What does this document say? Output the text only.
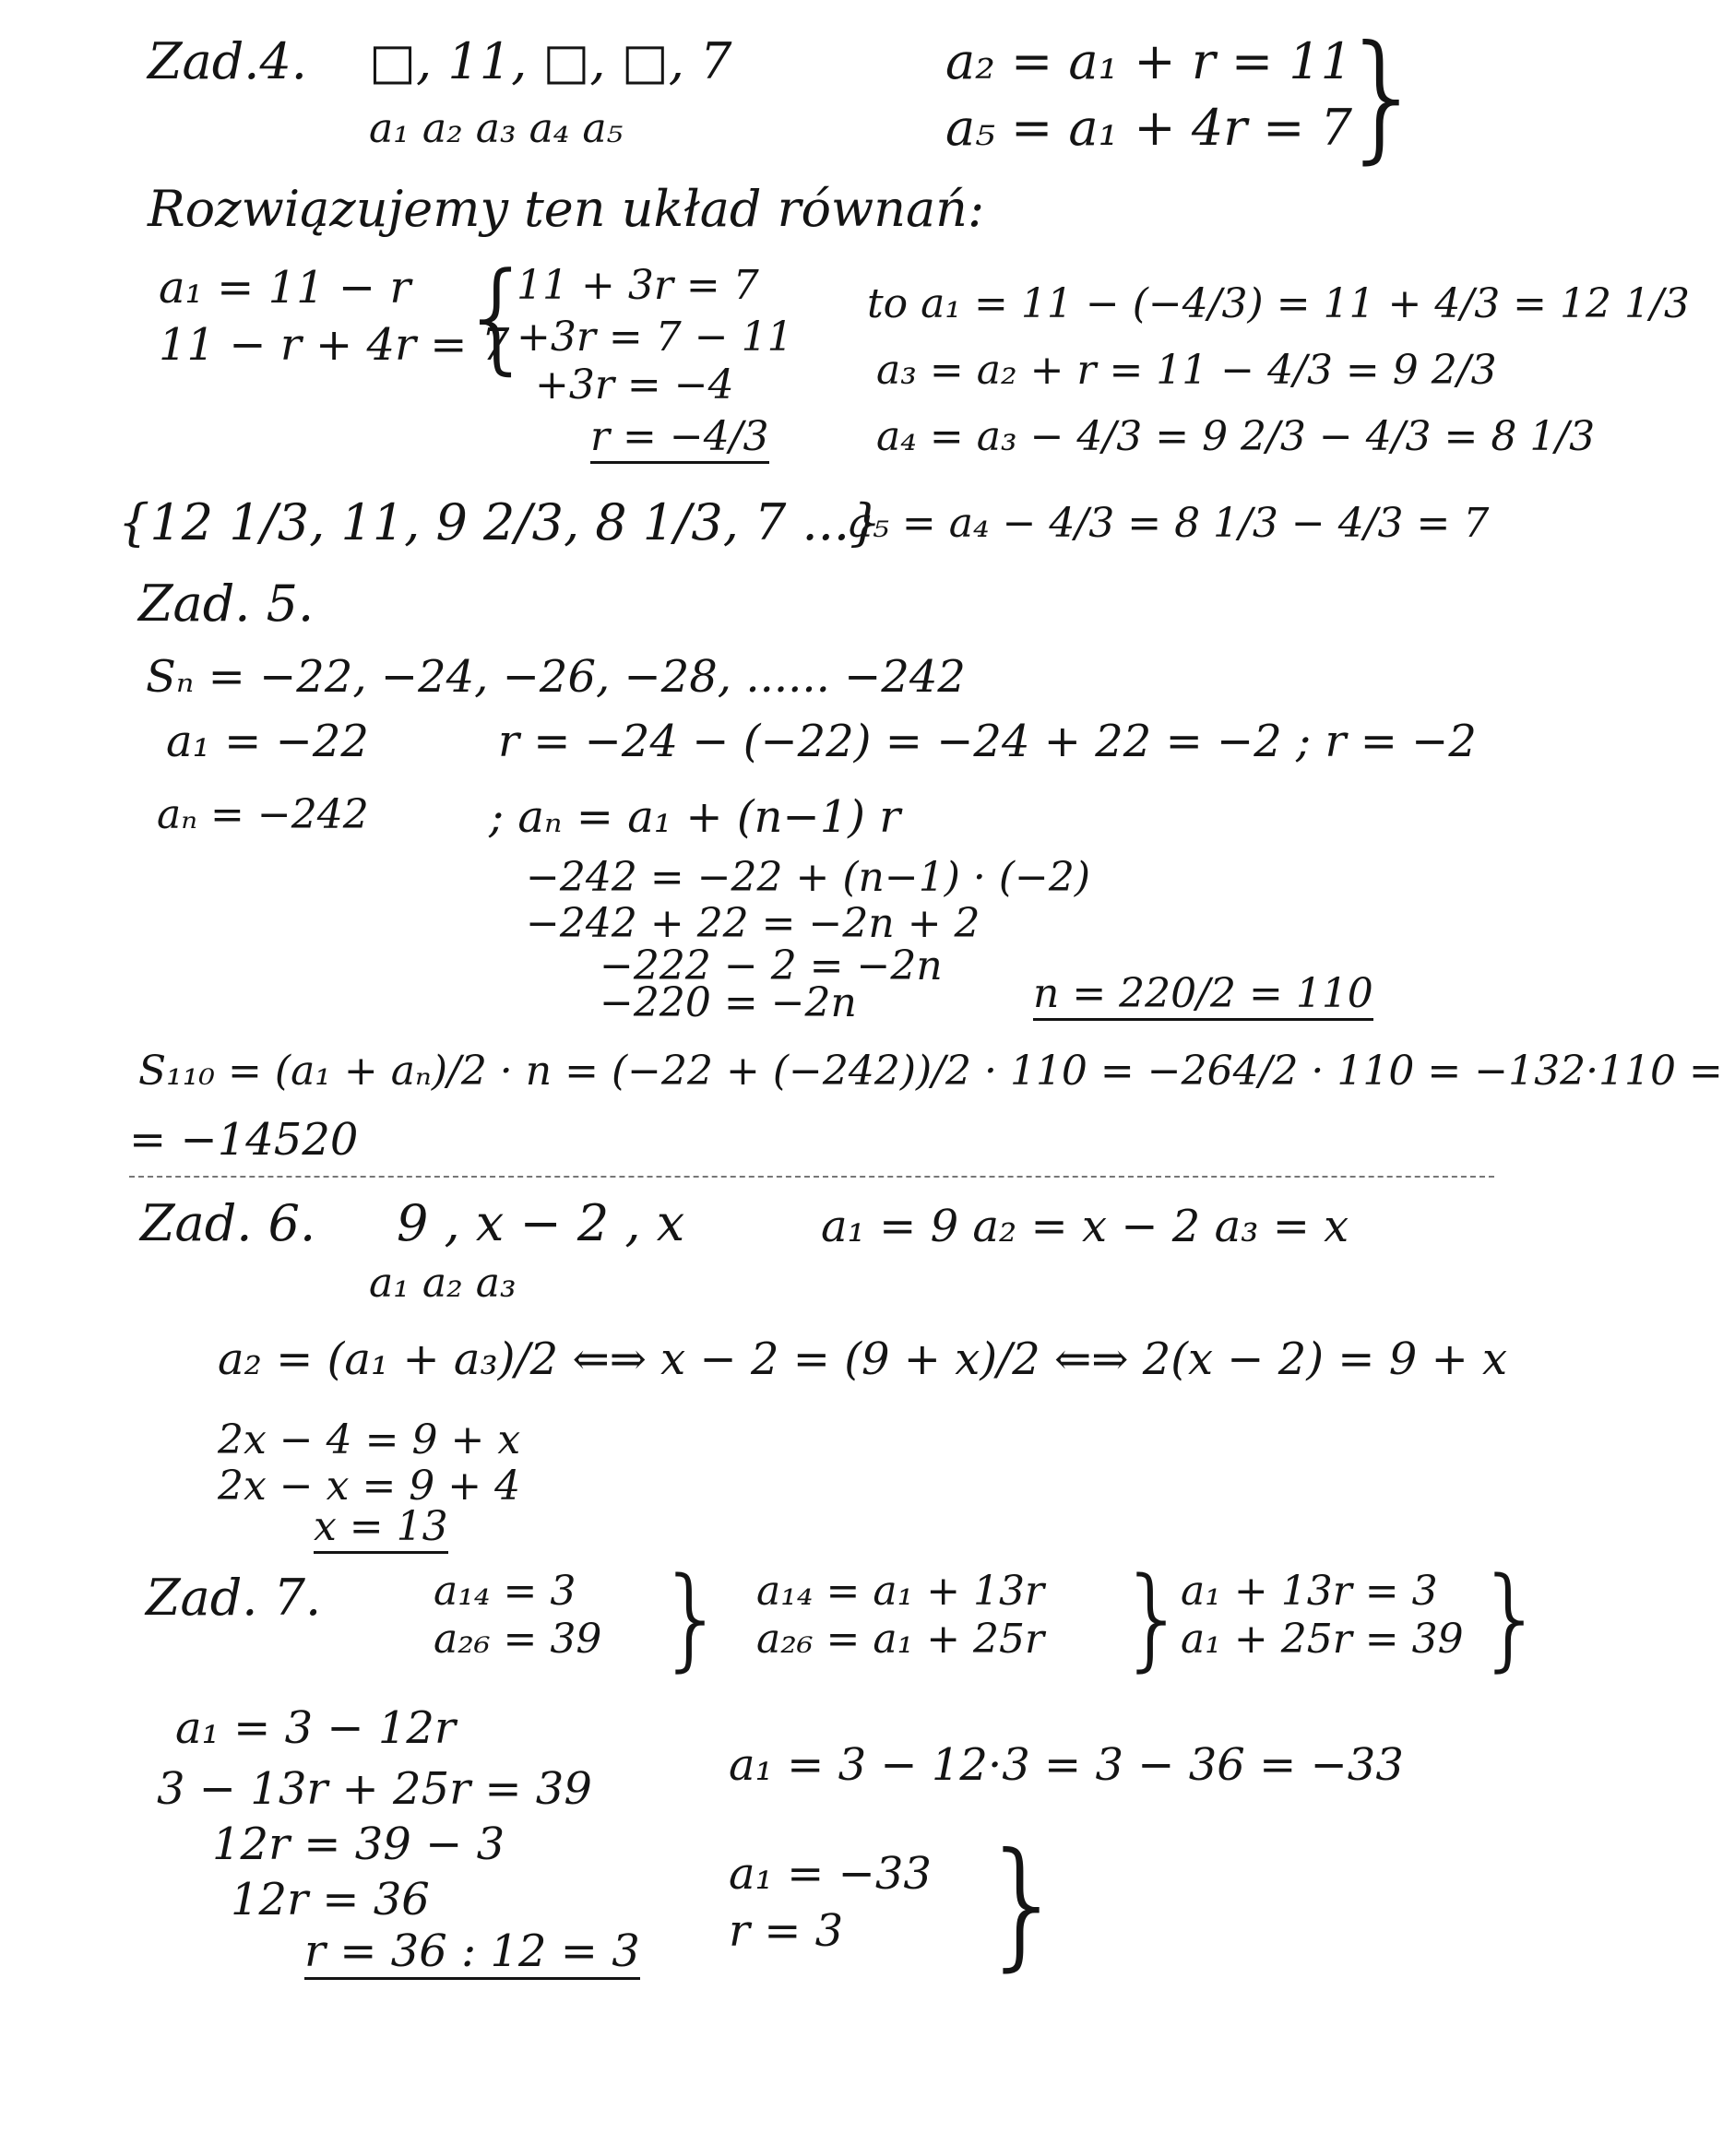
Zad.4. □, 11, □, □, 7
a₁ a₂ a₃ a₄ a₅
a₂ = a₁ + r = 11
a₅ = a₁ + 4r = 7
}
Rozwiązujemy ten układ równań:
a₁ = 11 − r
11 − r + 4r = 7
{
11 + 3r = 7
+3r = 7 − 11
+3r = −4
r = −4/3
to a₁ = 11 − (−4/3) = 11 + 4/3 = 12 1/3
a₃ = a₂ + r = 11 − 4/3 = 9 2/3
a₄ = a₃ − 4/3 = 9 2/3 − 4/3 = 8 1/3
a₅ = a₄ − 4/3 = 8 1/3 − 4/3 = 7
{12 1/3, 11, 9 2/3, 8 1/3, 7 ...}
Zad. 5.
Sₙ = −22, −24, −26, −28, ...... −242
a₁ = −22	r = −24 − (−22) = −24 + 22 = −2 ; r = −2
aₙ = −242	; aₙ = a₁ + (n−1) r
−242 = −22 + (n−1) · (−2)
−242 + 22 = −2n + 2
−222 − 2 = −2n
−220 = −2n	n = 220/2 = 110
S₁₁₀ = (a₁ + aₙ)/2 · n = (−22 + (−242))/2 · 110 = −264/2 · 110 = −132·110 =
= −14520
Zad. 6. 9 , x − 2 , x
a₁ a₂ a₃
a₁ = 9 a₂ = x − 2 a₃ = x
a₂ = (a₁ + a₃)/2 ⇐⇒ x − 2 = (9 + x)/2 ⇐⇒ 2(x − 2) = 9 + x
2x − 4 = 9 + x
2x − x = 9 + 4
x = 13
Zad. 7.	a₁₄ = 3
a₂₆ = 39 } a₁₄ = a₁ + 13r
a₂₆ = a₁ + 25r }
a₁ + 13r = 3
a₁ + 25r = 39 }
a₁ = 3 − 12r
3 − 13r + 25r = 39
12r = 39 − 3
12r = 36
r = 36 : 12 = 3
a₁ = 3 − 12·3 = 3 − 36 = −33
a₁ = −33
r = 3 }
